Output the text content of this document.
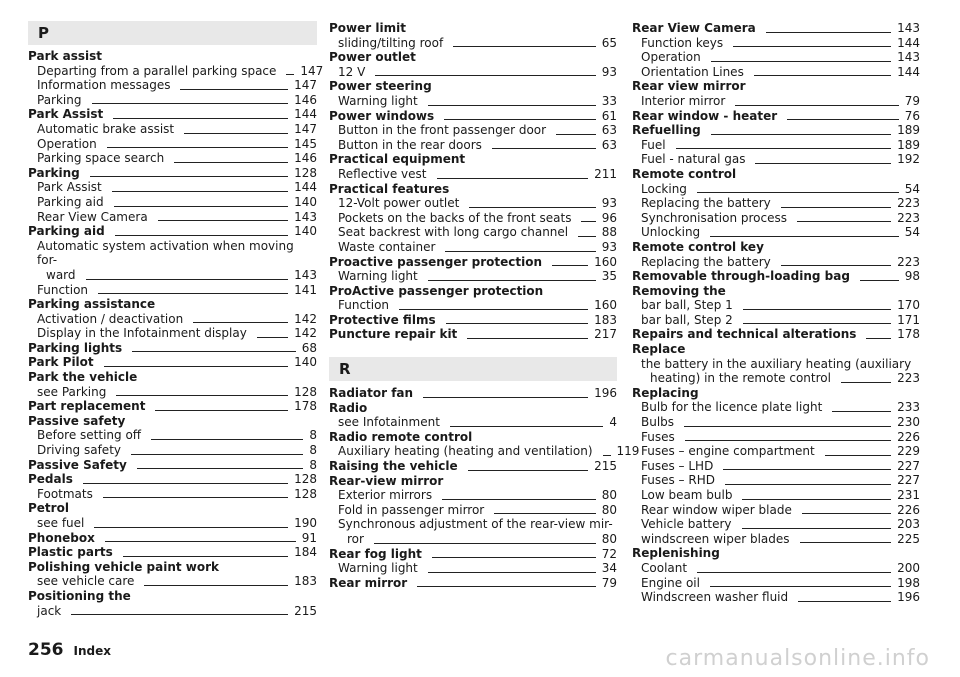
P
Park assist
Departing from a parallel parking space 147
Information messages	147
Parking	146
Park Assist	144
Automatic brake assist	147
Operation	145
Parking space search	146
Parking	128
Park Assist	144
Parking aid	140
Rear View Camera	143
Parking aid	140
Automatic system activation when moving for-
ward	143
Function	141
Parking assistance
Activation / deactivation	142
Display in the Infotainment display	142
Parking lights	68
Park Pilot	140
Park the vehicle
see Parking	128
Part replacement	178
Passive safety
Before setting off	8
Driving safety	8
Passive Safety	8
Pedals	128
Footmats	128
Petrol
see fuel	190
Phonebox	91
Plastic parts	184
Polishing vehicle paint work
see vehicle care	183
Positioning the
jack	215
Power limit
sliding/tilting roof	65
Power outlet
12 V	93
Power steering
Warning light	33
Power windows	61
Button in the front passenger door	63
Button in the rear doors	63
Practical equipment
Reflective vest	211
Practical features
12-Volt power outlet	93
Pockets on the backs of the front seats	96
Seat backrest with long cargo channel	88
Waste container	93
Proactive passenger protection	160
Warning light	35
ProActive passenger protection
Function	160
Protective films	183
Puncture repair kit	217
R
Radiator fan	196
Radio
see Infotainment	4
Radio remote control
Auxiliary heating (heating and ventilation) 119
Raising the vehicle	215
Rear-view mirror
Exterior mirrors	80
Fold in passenger mirror	80
Synchronous adjustment of the rear-view mir-
ror	80
Rear fog light	72
Warning light	34
Rear mirror	79
Rear View Camera	143
Function keys	144
Operation	143
Orientation Lines	144
Rear view mirror
Interior mirror	79
Rear window - heater	76
Refuelling	189
Fuel	189
Fuel - natural gas	192
Remote control
Locking	54
Replacing the battery	223
Synchronisation process	223
Unlocking	54
Remote control key
Replacing the battery	223
Removable through-loading bag	98
Removing the
bar ball, Step 1	170
bar ball, Step 2	171
Repairs and technical alterations	178
Replace
the battery in the auxiliary heating (auxiliary
heating) in the remote control	223
Replacing
Bulb for the licence plate light	233
Bulbs	230
Fuses	226
Fuses – engine compartment	229
Fuses – LHD	227
Fuses – RHD	227
Low beam bulb	231
Rear window wiper blade	226
Vehicle battery	203
windscreen wiper blades	225
Replenishing
Coolant	200
Engine oil	198
Windscreen washer fluid	196
256 Index	carmanualsonline.info
